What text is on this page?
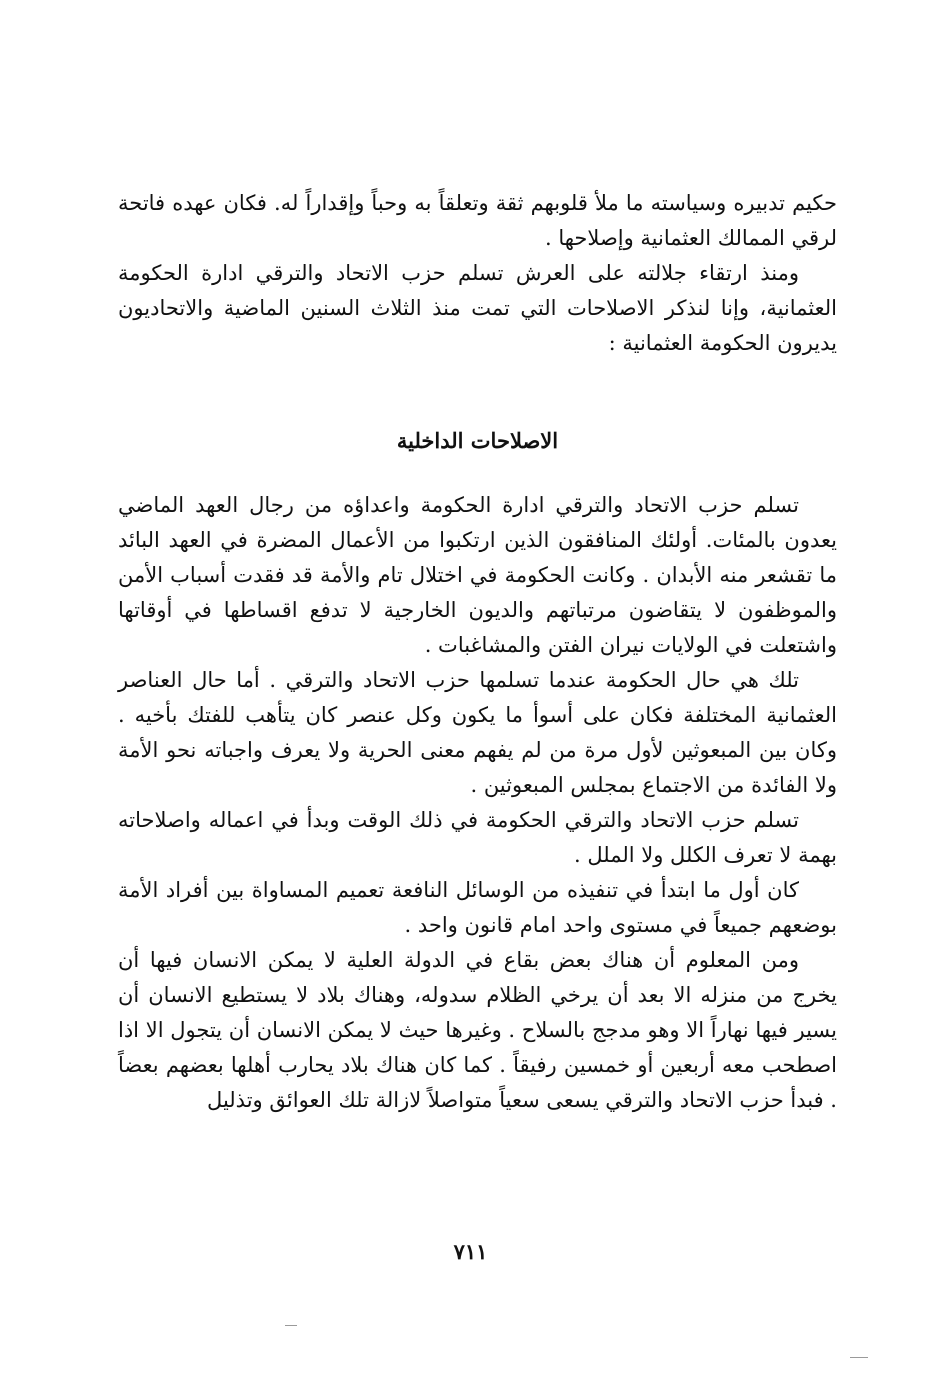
حكيم تدبيره وسياسته ما ملأ قلوبهم ثقة وتعلقاً به وحباً وإقداراً له. فكان عهده فاتحة لرقي الممالك العثمانية وإصلاحها .

ومنذ ارتقاء جلالته على العرش تسلم حزب الاتحاد والترقي ادارة الحكومة العثمانية، وإنا لنذكر الاصلاحات التي تمت منذ الثلاث السنين الماضية والاتحاديون يديرون الحكومة العثمانية :

الاصلاحات الداخلية

تسلم حزب الاتحاد والترقي ادارة الحكومة واعداؤه من رجال العهد الماضي يعدون بالمئات. أولئك المنافقون الذين ارتكبوا من الأعمال المضرة في العهد البائد ما تقشعر منه الأبدان . وكانت الحكومة في اختلال تام والأمة قد فقدت أسباب الأمن والموظفون لا يتقاضون مرتباتهم والديون الخارجية لا تدفع اقساطها في أوقاتها واشتعلت في الولايات نيران الفتن والمشاغبات .

تلك هي حال الحكومة عندما تسلمها حزب الاتحاد والترقي . أما حال العناصر العثمانية المختلفة فكان على أسوأ ما يكون وكل عنصر كان يتأهب للفتك بأخيه . وكان بين المبعوثين لأول مرة من لم يفهم معنى الحرية ولا يعرف واجباته نحو الأمة ولا الفائدة من الاجتماع بمجلس المبعوثين .

تسلم حزب الاتحاد والترقي الحكومة في ذلك الوقت وبدأ في اعماله واصلاحاته بهمة لا تعرف الكلل ولا الملل .

كان أول ما ابتدأ في تنفيذه من الوسائل النافعة تعميم المساواة بين أفراد الأمة بوضعهم جميعاً في مستوى واحد امام قانون واحد .

ومن المعلوم أن هناك بعض بقاع في الدولة العلية لا يمكن الانسان فيها أن يخرج من منزله الا بعد أن يرخي الظلام سدوله، وهناك بلاد لا يستطيع الانسان أن يسير فيها نهاراً الا وهو مدجج بالسلاح . وغيرها حيث لا يمكن الانسان أن يتجول الا اذا اصطحب معه أربعين أو خمسين رفيقاً . كما كان هناك بلاد يحارب أهلها بعضهم بعضاً . فبدأ حزب الاتحاد والترقي يسعى سعياً متواصلاً لازالة تلك العوائق وتذليل

٧١١
